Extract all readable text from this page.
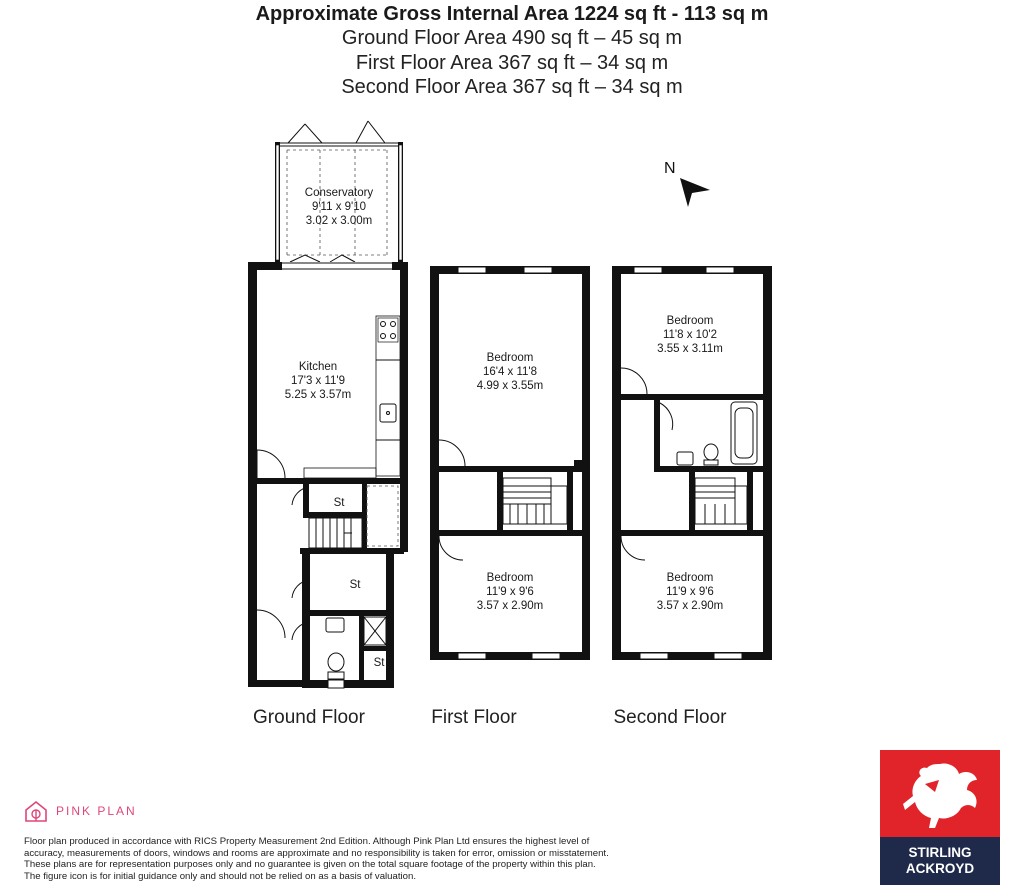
Approximate Gross Internal Area 1224 sq ft - 113 sq m
Ground Floor Area 490 sq ft – 45 sq m
First Floor Area 367 sq ft – 34 sq m
Second Floor Area 367 sq ft – 34 sq m
N
Conservatory
9'11 x 9'10
3.02 x 3.00m
Kitchen
17'3 x 11'9
5.25 x 3.57m
St
St
St
Ground Floor
Bedroom
16'4 x 11'8
4.99 x 3.55m
Bedroom
11'9 x 9'6
3.57 x 2.90m
First Floor
Bedroom
11'8 x 10'2
3.55 x 3.11m
Bedroom
11'9 x 9'6
3.57 x 2.90m
Second Floor
PINK PLAN
Floor plan produced in accordance with RICS Property Measurement 2nd Edition. Although Pink Plan Ltd ensures the highest level of accuracy, measurements of doors, windows and rooms are approximate and no responsibility is taken for error, omission or misstatement. These plans are for representation purposes only and no guarantee is given on the total square footage of the property within this plan. The figure icon is for initial guidance only and should not be relied on as a basis of valuation.
STIRLING
ACKROYD
